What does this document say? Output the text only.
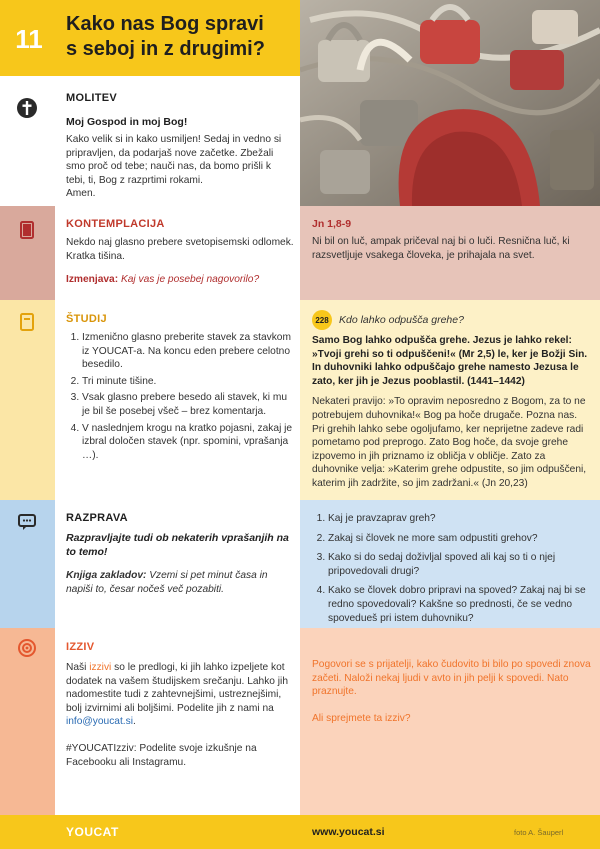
11	Kako nas Bog spravi
s seboj in z drugimi?
MOLITEV
Moj Gospod in moj Bog!
Kako velik si in kako usmiljen! Sedaj in vedno si pripravljen, da podarjaš nove začetke. Zbežali smo proč od tebe; nauči nas, da bomo prišli k tebi, ti, Bog z razprtimi rokami.
Amen.
KONTEMPLACIJA
Nekdo naj glasno prebere svetopisemski odlomek. Kratka tišina.
Izmenjava: Kaj vas je posebej nagovorilo?
Jn 1,8-9
Ni bil on luč, ampak pričeval naj bi o luči. Resnična luč, ki razsvetljuje vsakega človeka, je prihajala na svet.
ŠTUDIJ
1. Izmenično glasno preberite stavek za stavkom iz YOUCAT-a. Na koncu eden prebere celotno besedilo.
2. Tri minute tišine.
3. Vsak glasno prebere besedo ali stavek, ki mu je bil še posebej všeč – brez komentarja.
4. V naslednjem krogu na kratko pojasni, zakaj je izbral določen stavek (npr. spomini, vprašanja …).
228 Kdo lahko odpušča grehe?
Samo Bog lahko odpušča grehe. Jezus je lahko rekel: »Tvoji grehi so ti odpuščeni!« (Mr 2,5) le, ker je Božji Sin. In duhovniki lahko odpuščajo grehe namesto Jezusa le zato, ker jih je Jezus pooblastil. (1441–1442)
Nekateri pravijo: »To opravim neposredno z Bogom, za to ne potrebujem duhovnika!« Bog pa hoče drugače. Pozna nas. Pri grehih lahko sebe ogoljufamo, ker neprijetne zadeve radi pometamo pod preprogo. Zato Bog hoče, da svoje grehe izpovemo in jih priznamo iz obličja v obličje. Zato za duhovnike velja: »Katerim grehe odpustite, so jim odpuščeni, katerim jih zadržite, so jim zadržani.« (Jn 20,23)
RAZPRAVA
Razpravljajte tudi ob nekaterih vprašanjih na to temo!
Knjiga zakladov: Vzemi si pet minut časa in napiši to, česar nočeš več pozabiti.
1. Kaj je pravzaprav greh?
2. Zakaj si človek ne more sam odpustiti grehov?
3. Kako si do sedaj doživljal spoved ali kaj so ti o njej pripovedovali drugi?
4. Kako se človek dobro pripravi na spoved? Zakaj naj bi se redno spovedovali? Kakšne so prednosti, če se vedno spovedueš pri istem duhovniku?
IZZIV
Naši izzivi so le predlogi, ki jih lahko izpeljete kot dodatek na vašem študijskem srečanju. Lahko jih nadomestite tudi z zahtevnejšimi, ustreznejšimi, bolj izvirnimi ali boljšimi. Podelite jih z nami na info@youcat.si.
#YOUCATIzziv: Podelite svoje izkušnje na Facebooku ali Instagramu.
Pogovori se s prijatelji, kako čudovito bi bilo po spovedi znova začeti. Naloži nekaj ljudi v avto in jih pelji k spovedi. Nato praznujte.
Ali sprejmete ta izziv?
YOUCAT	www.youcat.si	foto A. Šauperl
